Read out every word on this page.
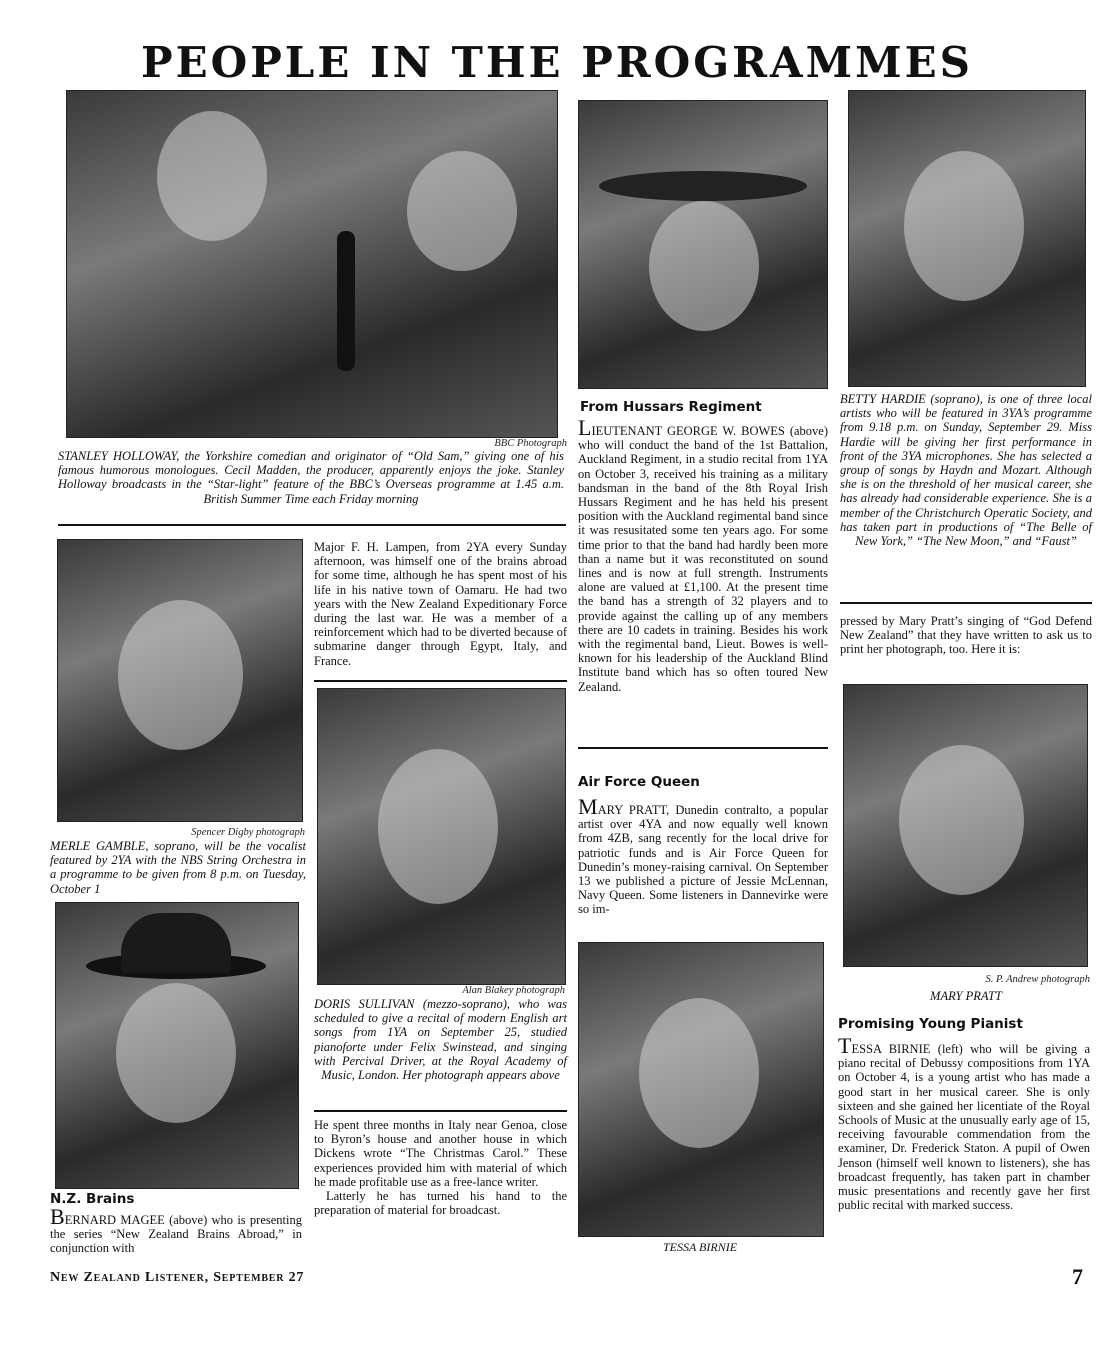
PEOPLE IN THE PROGRAMMES
BBC Photograph
STANLEY HOLLOWAY, the Yorkshire comedian and originator of “Old Sam,” giving one of his famous humorous monologues. Cecil Madden, the producer, apparently enjoys the joke. Stanley Holloway broadcasts in the “Star-light” feature of the BBC’s Overseas programme at 1.45 a.m. British Summer Time each Friday morning
From Hussars Regiment

LIEUTENANT GEORGE W. BOWES (above) who will conduct the band of the 1st Battalion, Auckland Regiment, in a studio recital from 1YA on October 3, received his training as a military bandsman in the band of the 8th Royal Irish Hussars Regiment and he has held his present position with the Auckland regimental band since it was resusitated some ten years ago. For some time prior to that the band had hardly been more than a name but it was reconstituted on sound lines and is now at full strength. Instruments alone are valued at £1,100. At the present time the band has a strength of 32 players and to provide against the calling up of any members there are 10 cadets in training. Besides his work with the regimental band, Lieut. Bowes is well-known for his leadership of the Auckland Blind Institute band which has so often toured New Zealand.

BETTY HARDIE (soprano), is one of three local artists who will be featured in 3YA’s programme from 9.18 p.m. on Sunday, September 29. Miss Hardie will be giving her first performance in front of the 3YA microphones. She has selected a group of songs by Haydn and Mozart. Although she is on the threshold of her musical career, she has already had considerable experience. She is a member of the Christchurch Operatic Society, and has taken part in productions of “The Belle of New York,” “The New Moon,” and “Faust”
Spencer Digby photograph
MERLE GAMBLE, soprano, will be the vocalist featured by 2YA with the NBS String Orchestra in a programme to be given from 8 p.m. on Tuesday, October 1

Major F. H. Lampen, from 2YA every Sunday afternoon, was himself one of the brains abroad for some time, although he has spent most of his life in his native town of Oamaru. He had two years with the New Zealand Expeditionary Force during the last war. He was a member of a reinforcement which had to be diverted because of submarine danger through Egypt, Italy, and France.

Alan Blakey photograph
DORIS SULLIVAN (mezzo-soprano), who was scheduled to give a recital of modern English art songs from 1YA on September 25, studied pianoforte under Felix Swinstead, and singing with Percival Driver, at the Royal Academy of Music, London. Her photograph appears above

He spent three months in Italy near Genoa, close to Byron’s house and another house in which Dickens wrote “The Christmas Carol.” These experiences provided him with material of which he made profitable use as a free-lance writer.

Latterly he has turned his hand to the preparation of material for broadcast.

N.Z. Brains

BERNARD MAGEE (above) who is presenting the series “New Zealand Brains Abroad,” in conjunction with

Air Force Queen

MARY PRATT, Dunedin contralto, a popular artist over 4YA and now equally well known from 4ZB, sang recently for the local drive for patriotic funds and is Air Force Queen for Dunedin’s money-raising carnival. On September 13 we published a picture of Jessie McLennan, Navy Queen. Some listeners in Dannevirke were so im-

pressed by Mary Pratt’s singing of “God Defend New Zealand” that they have written to ask us to print her photograph, too. Here it is:

S. P. Andrew photograph
MARY PRATT
TESSA BIRNIE
Promising Young Pianist

TESSA BIRNIE (left) who will be giving a piano recital of Debussy compositions from 1YA on October 4, is a young artist who has made a good start in her musical career. She is only sixteen and she gained her licentiate of the Royal Schools of Music at the unusually early age of 15, receiving favourable commendation from the examiner, Dr. Frederick Staton. A pupil of Owen Jenson (himself well known to listeners), she has broadcast frequently, has taken part in chamber music presentations and recently gave her first public recital with marked success.

New Zealand Listener, September 27	7
